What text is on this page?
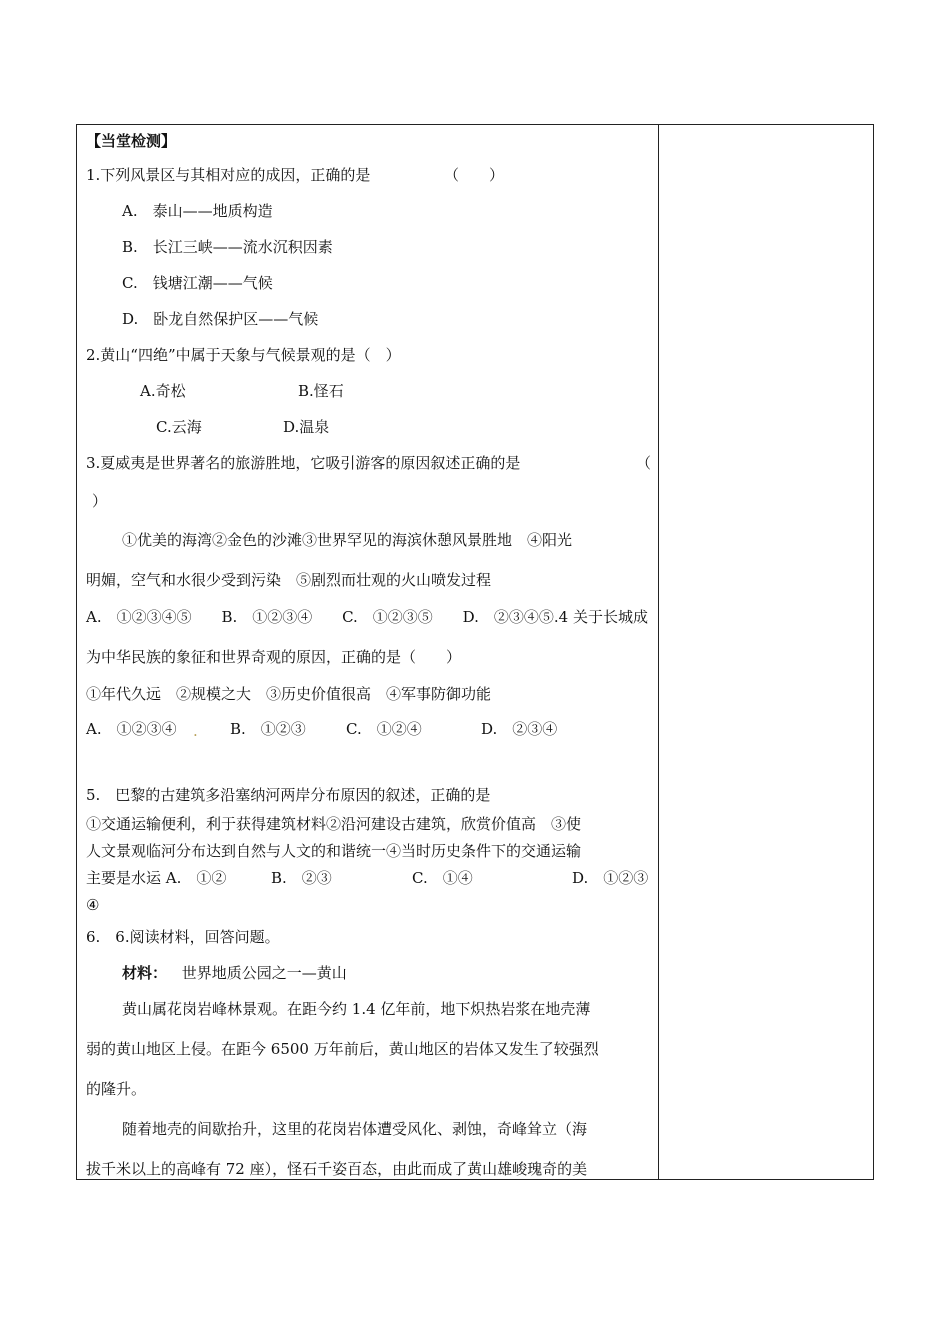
【当堂检测】
1.下列风景区与其相对应的成因，正确的是	（　　）
A.　泰山——地质构造
B.　长江三峡——流水沉积因素
C.　钱塘江潮——气候
D.　卧龙自然保护区——气候
2.黄山“四绝”中属于天象与气候景观的是（　）
A.奇松	B.怪石
C.云海	D.温泉
3.夏威夷是世界著名的旅游胜地，它吸引游客的原因叙述正确的是	（
）
①优美的海湾②金色的沙滩③世界罕见的海滨休憩风景胜地　④阳光
明媚，空气和水很少受到污染　⑤剧烈而壮观的火山喷发过程
A.　①②③④⑤ B.　①②③④ C.　①②③⑤ D.　②③④⑤.4 关于长城成
为中华民族的象征和世界奇观的原因，正确的是（　　）
①年代久远　②规模之大　③历史价值很高　④军事防御功能
A.　①②③④ . B.　①②③	C.　①②④	D.　②③④
5.　巴黎的古建筑多沿塞纳河两岸分布原因的叙述，正确的是
①交通运输便利，利于获得建筑材料②沿河建设古建筑，欣赏价值高　③使
人文景观临河分布达到自然与人文的和谐统一④当时历史条件下的交通运输
主要是水运 A.　①②	B.　②③	C.　①④	D.　①②③
④
6.　6.阅读材料，回答问题。
材料： 世界地质公园之一—黄山
黄山属花岗岩峰林景观。在距今约 1.4 亿年前，地下炽热岩浆在地壳薄
弱的黄山地区上侵。在距今 6500 万年前后，黄山地区的岩体又发生了较强烈
的隆升。
随着地壳的间歇抬升，这里的花岗岩体遭受风化、剥蚀，奇峰耸立（海
拔千米以上的高峰有 72 座），怪石千姿百态，由此而成了黄山雄峻瑰奇的美
